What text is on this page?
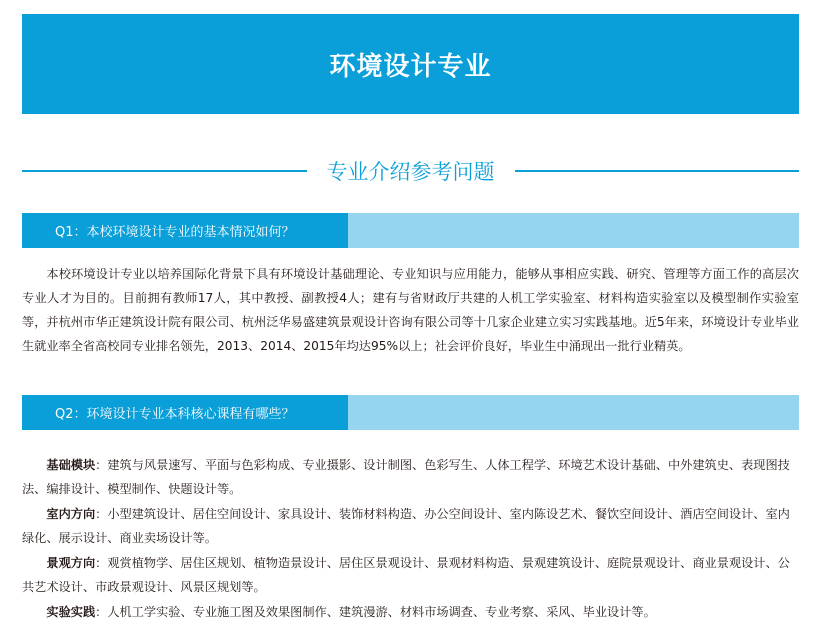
环境设计专业
专业介绍参考问题
Q1：本校环境设计专业的基本情况如何？

本校环境设计专业以培养国际化背景下具有环境设计基础理论、专业知识与应用能力，能够从事相应实践、研究、管理等方面工作的高层次专业人才为目的。目前拥有教师17人，其中教授、副教授4人；建有与省财政厅共建的人机工学实验室、材料构造实验室以及模型制作实验室等，并杭州市华正建筑设计院有限公司、杭州泛华易盛建筑景观设计咨询有限公司等十几家企业建立实习实践基地。近5年来，环境设计专业毕业生就业率全省高校同专业排名领先，2013、2014、2015年均达95%以上；社会评价良好，毕业生中涌现出一批行业精英。

Q2：环境设计专业本科核心课程有哪些？

基础模块：建筑与风景速写、平面与色彩构成、专业摄影、设计制图、色彩写生、人体工程学、环境艺术设计基础、中外建筑史、表现图技法、编排设计、模型制作、快题设计等。

室内方向：小型建筑设计、居住空间设计、家具设计、装饰材料构造、办公空间设计、室内陈设艺术、餐饮空间设计、酒店空间设计、室内绿化、展示设计、商业卖场设计等。

景观方向：观赏植物学、居住区规划、植物造景设计、居住区景观设计、景观材料构造、景观建筑设计、庭院景观设计、商业景观设计、公共艺术设计、市政景观设计、风景区规划等。

实验实践：人机工学实验、专业施工图及效果图制作、建筑漫游、材料市场调查、专业考察、采风、毕业设计等。
